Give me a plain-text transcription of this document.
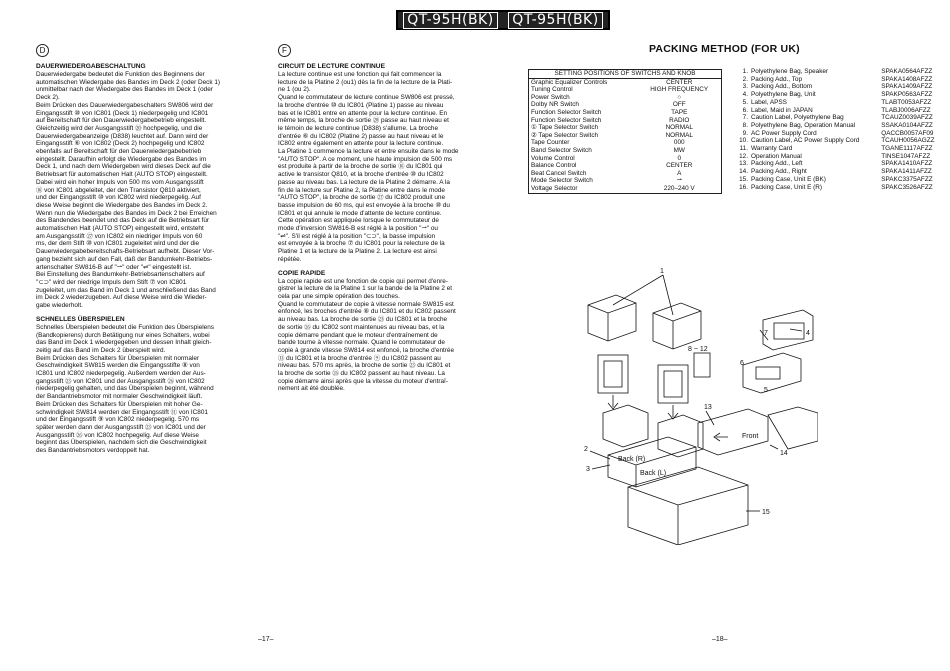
QT-95H(BK) QT-95H(BK)
D	F
DAUERWIEDERGABESCHALTUNG

Dauerwiedergabe bedeutet die Funktion des Beginnens der

automatischen Wiedergabe des Bandes im Deck 2 (oder Deck 1)

unmittelbar nach der Wiedergabe des Bandes im Deck 1 (oder

Deck 2).

Beim Drücken des Dauerwiedergabeschalters SW806 wird der

Eingangsstift ⑩ von IC801 (Deck 1) niederpegelig und IC801

auf Bereitschaft für den Dauerwiedergabebetrieb eingestellt.

Gleichzeitig wird der Ausgangsstift ⑳ hochpegelig, und die

Dauerwiedergabeanzeige (D838) leuchtet auf. Dann wird der

Eingangsstift ⑥ von IC802 (Deck 2) hochpegelig und IC802

ebenfalls auf Bereitschaft für den Dauerwiedergabebetrieb

eingestellt. Daraufhin erfolgt die Wiedergabe des Bandes im

Deck 1, und nach dem Wiedergeben wird dieses Deck auf die

Betriebsart für automatischen Halt (AUTO STOP) eingestellt.

Dabei wird ein hoher Impuls von 500 ms vom Ausgangsstift

⑯ von IC801 abgeleitet, der den Transistor Q810 aktiviert,

und der Eingangsstift ⑩ von IC802 wird niederpegelig. Auf

diese Weise beginnt die Wiedergabe des Bandes im Deck 2.

Wenn nun die Wiedergabe des Bandes im Deck 2 bei Erreichen

des Bandendes beendet und das Deck auf die Betriebsart für

automatischen Halt (AUTO STOP) eingestellt wird, entsteht

am Ausgangsstift ㉗ von IC802 ein niedriger Impuls von 60

ms, der dem Stift ⑩ von IC801 zugeleitet wird und der die

Dauerwiedergabebereitschafts-Betriebsart aufhebt. Dieser Vor-

gang bezieht sich auf den Fall, daß der Bandumkehr-Betriebs-

artenschalter SW816-B auf "⇀" oder "⇌" eingestellt ist.

Bei Einstellung des Bandumkehr-Betriebsartenschalters auf

"⊂⊃" wird der niedrige Impuls dem Stift ⑦ von IC801

zugeleitet, um das Band im Deck 1 und anschließend das Band

im Deck 2 wiederzugeben. Auf diese Weise wird die Wieder-

gabe wiederholt.

SCHNELLES ÜBERSPIELEN

Schnelles Überspielen bedeutet die Funktion des Überspielens

(Bandkopierens) durch Betätigung nur eines Schalters, wobei

das Band im Deck 1 wiedergegeben und dessen Inhalt gleich-

zeitig auf das Band im Deck 2 überspielt wird.

Beim Drücken des Schalters für Überspielen mit normaler

Geschwindigkeit SW815 werden die Eingangsstifte ⑧ von

IC801 und IC802 niederpegelig. Außerdem werden der Aus-

gangsstift ㉓ von IC801 und der Ausgangsstift ㉖ von IC802

niederpegelig gehalten, und das Überspielen beginnt, während

der Bandantriebsmotor mit normaler Geschwindigkeit läuft.

Beim Drücken des Schalters für Überspielen mit hoher Ge-

schwindigkeit SW814 werden der Eingangsstift ⑪ von IC801

und der Eingangsstift ⑨ von IC802 niederpegelig. 570 ms

später werden dann der Ausgangsstift ㉓ von IC801 und der

Ausgangsstift ㉖ von IC802 hochpegelig. Auf diese Weise

beginnt das Überspielen, nachdem sich die Geschwindigkeit

des Bandantriebsmotors verdoppelt hat.

CIRCUIT DE LECTURE CONTINUE

La lecture continue est une fonction qui fait commencer la

lecture de la Platine 2 (ou1) dès la fin de la lecture de la Plati-

ne 1 (ou 2).

Quand le commutateur de lecture continue SW806 est pressé,

la broche d'entrée ⑩ du IC801 (Platine 1) passe au niveau

bas et le IC801 entre en attente pour la lecture continue. En

même temps, la broche de sortie ⑳ passe au haut niveau et

le témoin de lecture continue (D838) s'allume. La broche

d'entrée ⑥ du IC802 (Platine 2) passe au haut niveau et le

IC802 entre également en attente pour la lecture continue.

La Platine 1 commence la lecture et entre ensuite dans le mode

"AUTO STOP". A ce moment, une haute impulsion de 500 ms

est produite à partir de la broche de sortie ⑯ du IC801 qui

active le transistor Q810, et la broche d'entrée ⑩ du IC802

passe au niveau bas. La lecture de la Platine 2 démarre. A la

fin de la lecture sur Platine 2, la Platine entre dans le mode

"AUTO STOP", la broche de sortie ㉗ du IC802 produit une

basse impulsion de 60 ms, qui est envoyée à la broche ⑩ du

IC801 et qui annule le mode d'attente de lecture continue.

Cette opération est appliquée lorsque le commutateur de

mode d'inversion SW816-B est réglé à la position "⇀" ou

"⇌". S'il est réglé à la position "⊂⊃", la basse impulsion

est envoyée à la broche ⑦ du IC801 pour la relecture de la

Platine 1 et la lecture de la Platine 2. La lecture est ainsi

répétée.

COPIE RAPIDE

La copie rapide est une fonction de copie qui permet d'enre-

gistrer la lecture de la Platine 1 sur la bande de la Platine 2 et

cela par une simple opération des touches.

Quand le commutateur de copie à vitesse normale SW815 est

enfoncé, les broches d'entrée ⑧ du IC801 et du IC802 passent

au niveau bas. La broche de sortie ㉓ du IC801 et la broche

de sortie ㉖ du IC802 sont maintenues au niveau bas, et la

copie démarre pendant que le moteur d'entraînement de

bande tourne à vitesse normale. Quand le commutateur de

copie à grande vitesse SW814 est enfoncé, la broche d'entrée

⑪ du IC801 et la broche d'entrée ⑨ du IC802 passent au

niveau bas. 570 ms après, la broche de sortie ㉓ du IC801 et

la broche de sortie ㉖ du IC802 passent au haut niveau. La

copie démarre ainsi après que la vitesse du moteur d'entraî-

nement ait été doublée.

PACKING METHOD (FOR UK)
SETTING POSITIONS OF SWITCHS AND KNOB	
Graphic Equalizer Controls	CENTER
Tuning Control	HIGH FREQUENCY
Power Switch	○
Dolby NR Switch	OFF
Function Selector Switch	TAPE
Function Selector Switch	RADIO
① Tape Selector Switch	NORMAL
② Tape Selector Switch	NORMAL
Tape Counter	000
Band Selector Switch	MW
Volume Control	0
Balance Control	CENTER
Beat Cancel Switch	A
Mode Selector Switch	⇀
Voltage Selector	220–240 V
1.	Polyethylene Bag, Speaker	SPAKA0564AFZZ
2.	Packing Add., Top	SPAKA1408AFZZ
3.	Packing Add., Bottom	SPAKA1409AFZZ
4.	Polyethylene Bag, Unit	SPAKP0563AFZZ
5.	Label, APSS	TLABT0053AFZZ
6.	Label, Maid in JAPAN	TLABJ0006AFZZ
7.	Caution Label, Polyethylene Bag	TCAUZ0039AFZZ
8.	Polyethylene Bag, Operation Manual	SSAKA0104AFZZ
9.	AC Power Supply Cord	QACCB0057AF09
10.	Caution Label, AC Power Supply Cord	TCAUH0056AGZZ
11.	Warranty Card	TGANE1117AFZZ
12.	Operation Manual	TINSE1047AFZZ
13.	Packing Add., Left	SPAKA1410AFZZ
14.	Packing Add., Right	SPAKA1411AFZZ
15.	Packing Case, Unit E (BK)	SPAKC3375AFZZ
16.	Packing Case, Unit E (R)	SPAKC3526AFZZ
1
4
7
8 ~ 12
5
6
13
14
2
3
15
Front
Back (R)
Back (L)
–17–	–18–
